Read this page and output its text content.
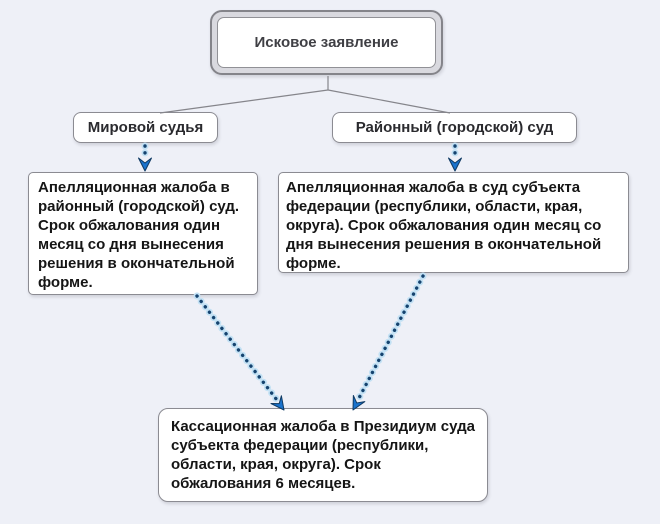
Исковое заявление
Мировой судья	Районный (городской) суд
Апелляционная жалоба в районный (городской) суд. Срок обжалования один месяц со дня вынесения решения в окончательной форме.
Апелляционная жалоба в суд субъекта федерации (республики, области, края, округа). Срок обжалования один месяц со дня вынесения решения в окончательной форме.
Кассационная жалоба в Президиум суда субъекта федерации (республики, области, края, округа). Срок обжалования 6 месяцев.
